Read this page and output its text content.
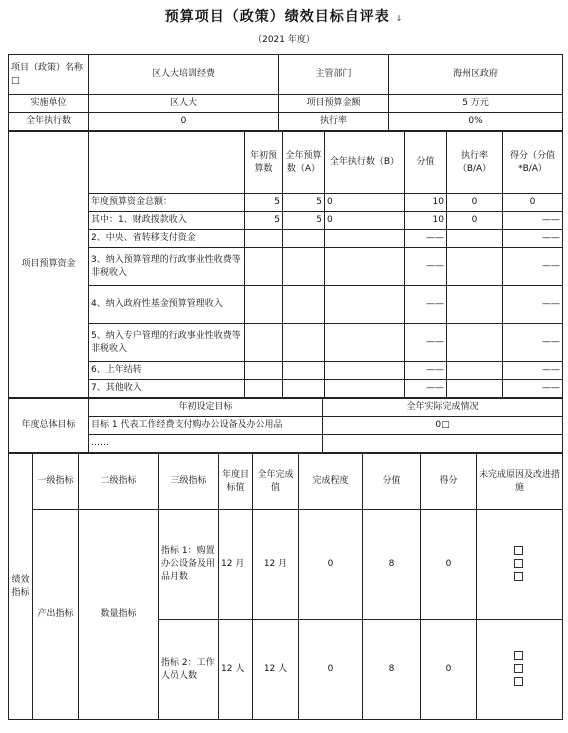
预算项目（政策）绩效目标自评表 ↓
（2021 年度）
项目（政策）名称□	区人大培训经费	主管部门	海州区政府
实施单位	区人大	项目预算金额	5 万元
全年执行数	0	执行率	0%
项目预算资金		年初预算数	全年预算数（A）	全年执行数（B）	分值	执行率（B/A）	得分（分值*B/A）
	年度预算资金总额：	5	5	0	10	0	0
	其中：1、财政拨款收入	5	5	0	10	0	——
	2、中央、省转移支付资金				——		——
	3、纳入预算管理的行政事业性收费等非税收入				——		——
	4、纳入政府性基金预算管理收入				——		——
	5、纳入专户管理的行政事业性收费等非税收入				——		——
	6、上年结转				——		——
	7、其他收入				——		——
年度总体目标	年初设定目标	全年实际完成情况
	目标 1 代表工作经费支付购办公设备及办公用品	0□
	……	
绩效指标	一级指标	二级指标	三级指标	年度目标值	全年完成值	完成程度	分值	得分	未完成原因及改进措施
	产出指标	数量指标	指标 1：购置办公设备及用品月数	12 月	12 月	0	8	0	

			指标 2：工作人员人数	12 人	12 人	0	8	0	
